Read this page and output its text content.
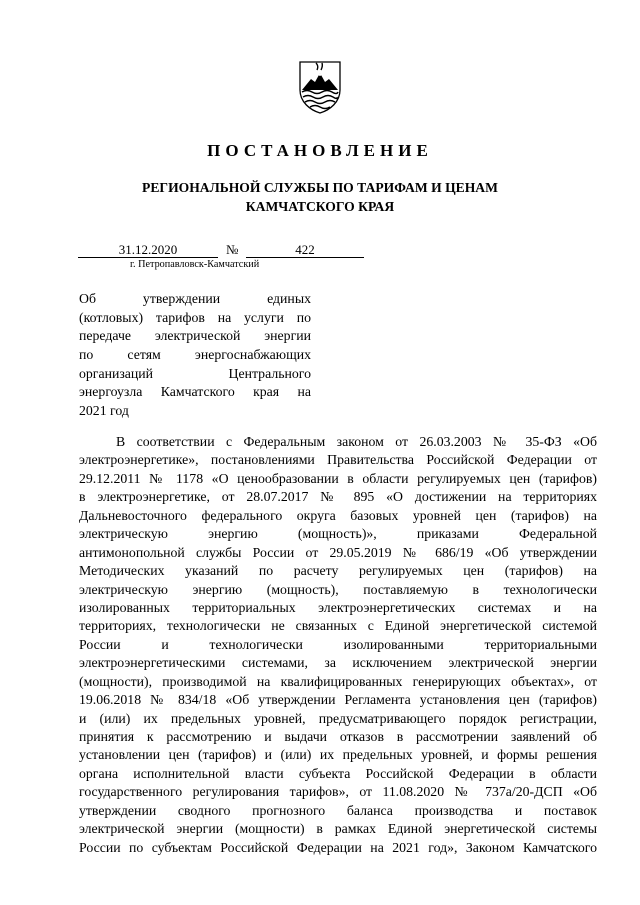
ПОСТАНОВЛЕНИЕ
РЕГИОНАЛЬНОЙ СЛУЖБЫ ПО ТАРИФАМ И ЦЕНАМ
КАМЧАТСКОГО КРАЯ
31.12.2020	№	422
г. Петропавловск-Камчатский
Об утверждении единых
(котловых) тарифов на услуги по
передаче электрической энергии
по сетям энергоснабжающих
организаций Центрального
энергоузла Камчатского края на
2021 год
В соответствии с Федеральным законом от 26.03.2003 № 35-ФЗ «Об
электроэнергетике», постановлениями Правительства Российской Федерации от
29.12.2011 № 1178 «О ценообразовании в области регулируемых цен (тарифов)
в электроэнергетике, от 28.07.2017 № 895 «О достижении на территориях
Дальневосточного федерального округа базовых уровней цен (тарифов) на
электрическую энергию (мощность)», приказами Федеральной
антимонопольной службы России от 29.05.2019 № 686/19 «Об утверждении
Методических указаний по расчету регулируемых цен (тарифов) на
электрическую энергию (мощность), поставляемую в технологически
изолированных территориальных электроэнергетических системах и на
территориях, технологически не связанных с Единой энергетической системой
России и технологически изолированными территориальными
электроэнергетическими системами, за исключением электрической энергии
(мощности), производимой на квалифицированных генерирующих объектах», от
19.06.2018 № 834/18 «Об утверждении Регламента установления цен (тарифов)
и (или) их предельных уровней, предусматривающего порядок регистрации,
принятия к рассмотрению и выдачи отказов в рассмотрении заявлений об
установлении цен (тарифов) и (или) их предельных уровней, и формы решения
органа исполнительной власти субъекта Российской Федерации в области
государственного регулирования тарифов», от 11.08.2020 № 737а/20-ДСП «Об
утверждении сводного прогнозного баланса производства и поставок
электрической энергии (мощности) в рамках Единой энергетической системы
России по субъектам Российской Федерации на 2021 год», Законом Камчатского
